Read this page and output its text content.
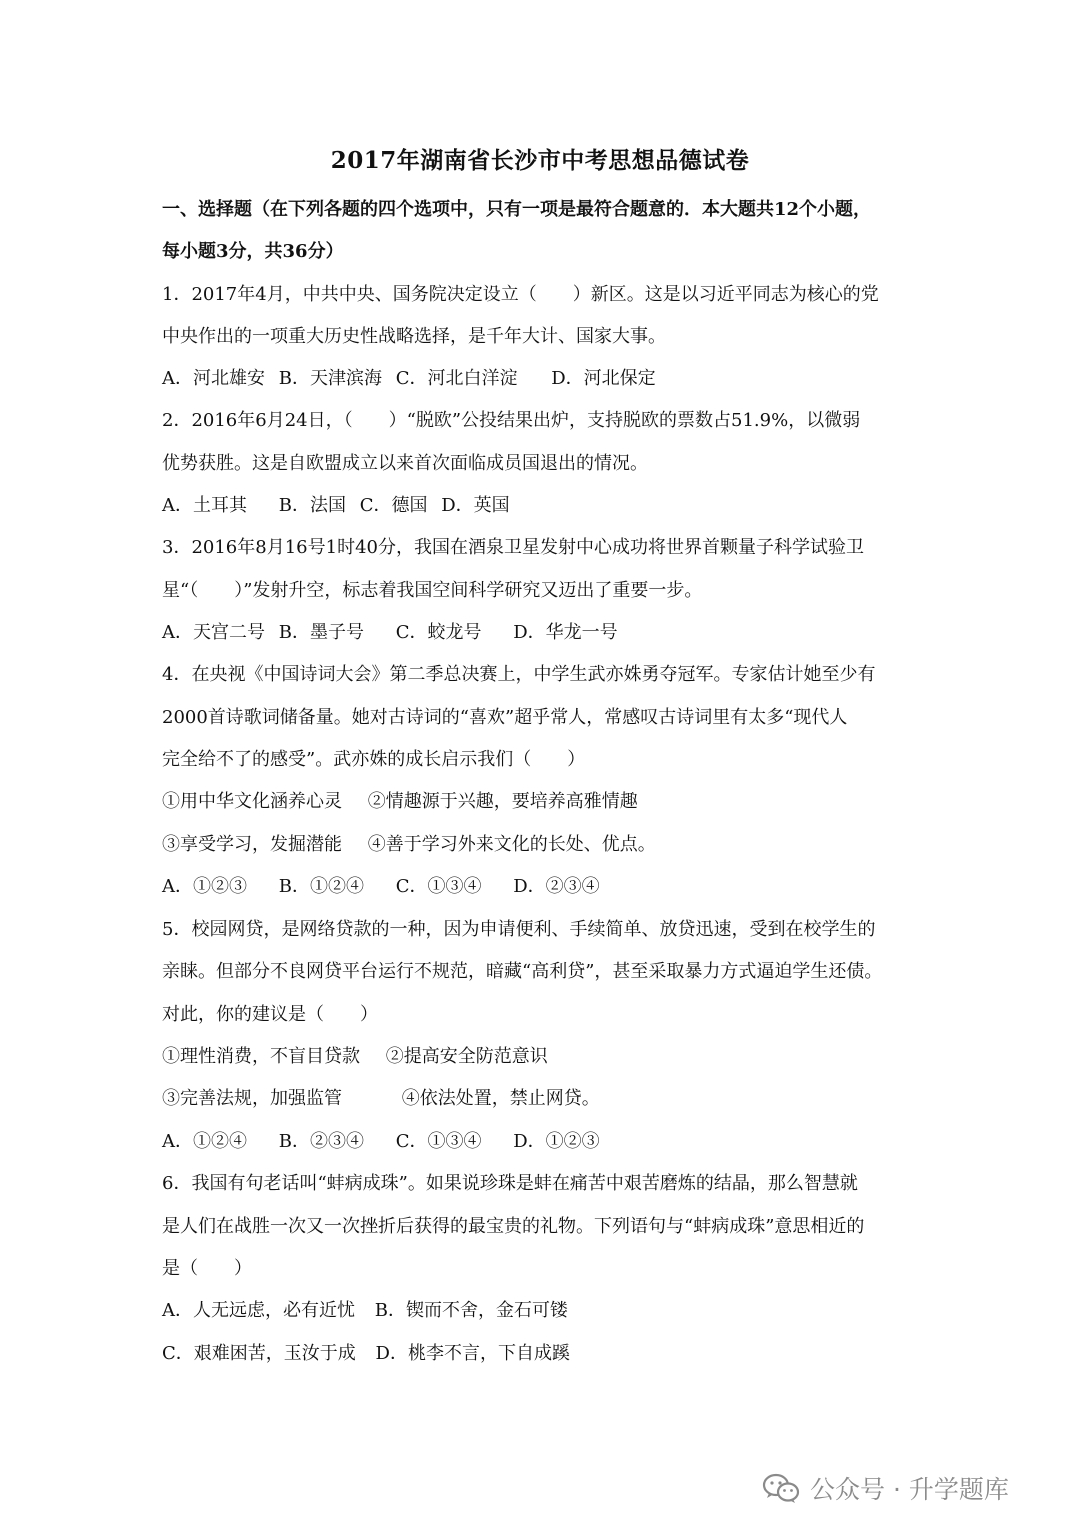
2017年湖南省长沙市中考思想品德试卷
一、选择题（在下列各题的四个选项中，只有一项是最符合题意的．本大题共12个小题，
每小题3分，共36分）
1．2017年4月，中共中央、国务院决定设立（　　）新区。这是以习近平同志为核心的党
中央作出的一项重大历史性战略选择，是千年大计、国家大事。
A．河北雄安 B．天津滨海 C．河北白洋淀 D．河北保定
2．2016年6月24日，（　　）“脱欧”公投结果出炉，支持脱欧的票数占51.9%，以微弱
优势获胜。这是自欧盟成立以来首次面临成员国退出的情况。
A．土耳其 B．法国 C．德国 D．英国
3．2016年8月16号1时40分，我国在酒泉卫星发射中心成功将世界首颗量子科学试验卫
星“（　　）”发射升空，标志着我国空间科学研究又迈出了重要一步。
A．天宫二号 B．墨子号 C．蛟龙号 D．华龙一号
4．在央视《中国诗词大会》第二季总决赛上，中学生武亦姝勇夺冠军。专家估计她至少有
2000首诗歌词储备量。她对古诗词的“喜欢”超乎常人，常感叹古诗词里有太多“现代人
完全给不了的感受”。武亦姝的成长启示我们（　　）
①用中华文化涵养心灵 ②情趣源于兴趣，要培养高雅情趣
③享受学习，发掘潜能 ④善于学习外来文化的长处、优点。
A．①②③ B．①②④ C．①③④ D．②③④
5．校园网贷，是网络贷款的一种，因为申请便利、手续简单、放贷迅速，受到在校学生的
亲睐。但部分不良网贷平台运行不规范，暗藏“高利贷”，甚至采取暴力方式逼迫学生还债。
对此，你的建议是（　　）
①理性消费，不盲目贷款 ②提高安全防范意识
③完善法规，加强监管	④依法处置，禁止网贷。
A．①②④ B．②③④ C．①③④ D．①②③
6．我国有句老话叫“蚌病成珠”。如果说珍珠是蚌在痛苦中艰苦磨炼的结晶，那么智慧就
是人们在战胜一次又一次挫折后获得的最宝贵的礼物。下列语句与“蚌病成珠”意思相近的
是（　　）
A．人无远虑，必有近忧 B．锲而不舍，金石可镂
C．艰难困苦，玉汝于成 D．桃李不言，下自成蹊
公众号 · 升学题库
